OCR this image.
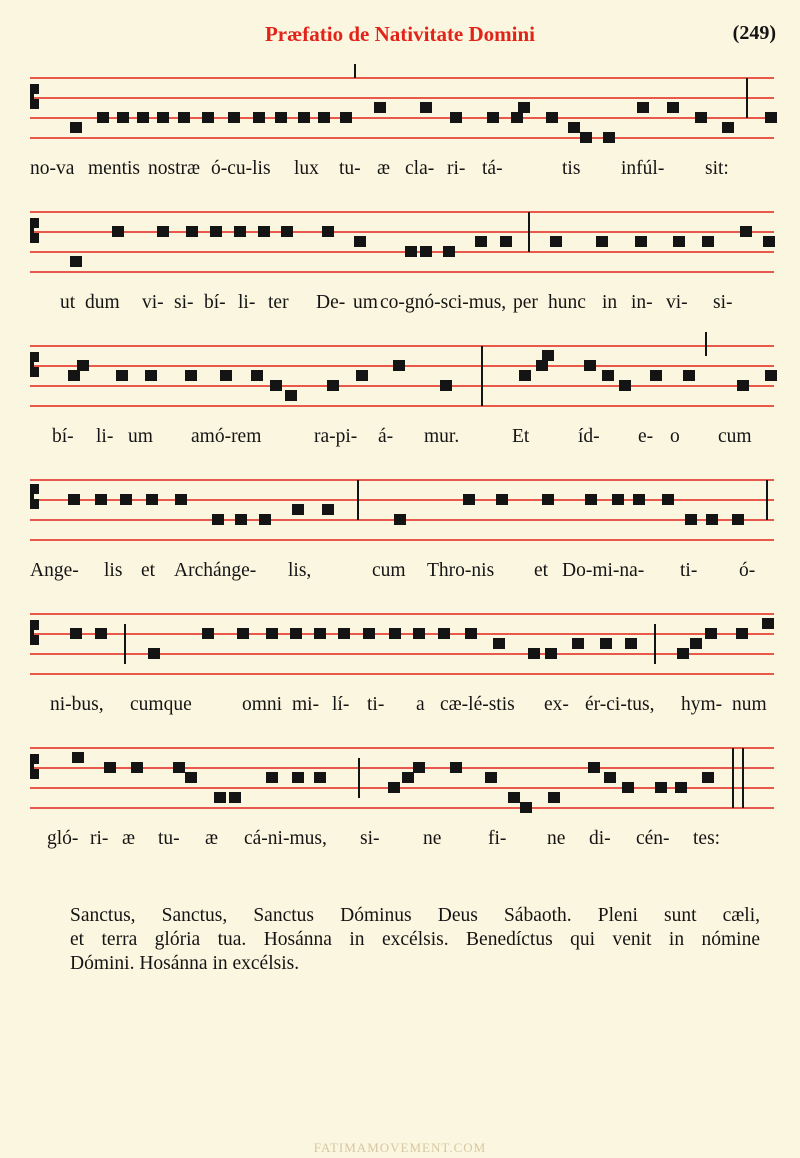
Præfatio de Nativitate Domini	(249)
no-va mentis nostræ ó-cu-lis lux tu- æ cla- ri- tá-	tis infúl- sit:
ut dum vi- si- bí- li- ter De- um co-gnó-sci-mus, per hunc in in- vi- si-
bí- li- um amó-rem	ra-pi- á- mur.	Et íd- e- o cum
Ange- lis et Archánge- lis,	cum Thro-nis et Do-mi-na- ti- ó-
ni-bus, cumque	omni mi- lí- ti- a cæ-lé-stis ex- ér-ci-tus, hym- num
gló- ri- æ tu- æ cá-ni-mus, si- ne fi- ne di- cén- tes:
Sanctus, Sanctus, Sanctus Dóminus Deus Sábaoth. Pleni sunt cæli,
et terra glória tua. Hosánna in excélsis. Benedíctus qui venit in nómine
Dómini. Hosánna in excélsis.
FATIMAMOVEMENT.COM
